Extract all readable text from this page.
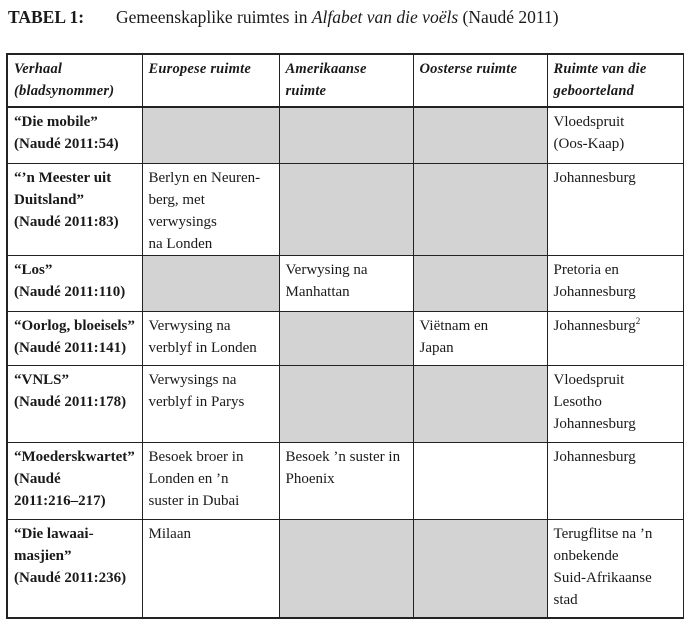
TABEL 1: Gemeenskaplike ruimtes in Alfabet van die voëls (Naudé 2011)
Verhaal
(bladsynommer)	Europese ruimte	Amerikaanse
ruimte	Oosterse ruimte	Ruimte van die
geboorteland
“Die mobile”
(Naudé 2011:54)				Vloedspruit
(Oos-Kaap)
“’n Meester uit
Duitsland”
(Naudé 2011:83)	Berlyn en Neuren-
berg, met verwysings
na Londen			Johannesburg
“Los”
(Naudé 2011:110)		Verwysing na
Manhattan		Pretoria en
Johannesburg
“Oorlog, bloeisels”
(Naudé 2011:141)	Verwysing na
verblyf in Londen		Viëtnam en
Japan	Johannesburg$^2$
“VNLS”
(Naudé 2011:178)	Verwysings na
verblyf in Parys			Vloedspruit
Lesotho
Johannesburg
“Moederskwartet”
(Naudé
2011:216–217)	Besoek broer in
Londen en ’n
suster in Dubai	Besoek ’n suster in
Phoenix		Johannesburg
“Die lawaai-
masjien”
(Naudé 2011:236)	Milaan			Terugflitse na ’n
onbekende
Suid-Afrikaanse
stad
